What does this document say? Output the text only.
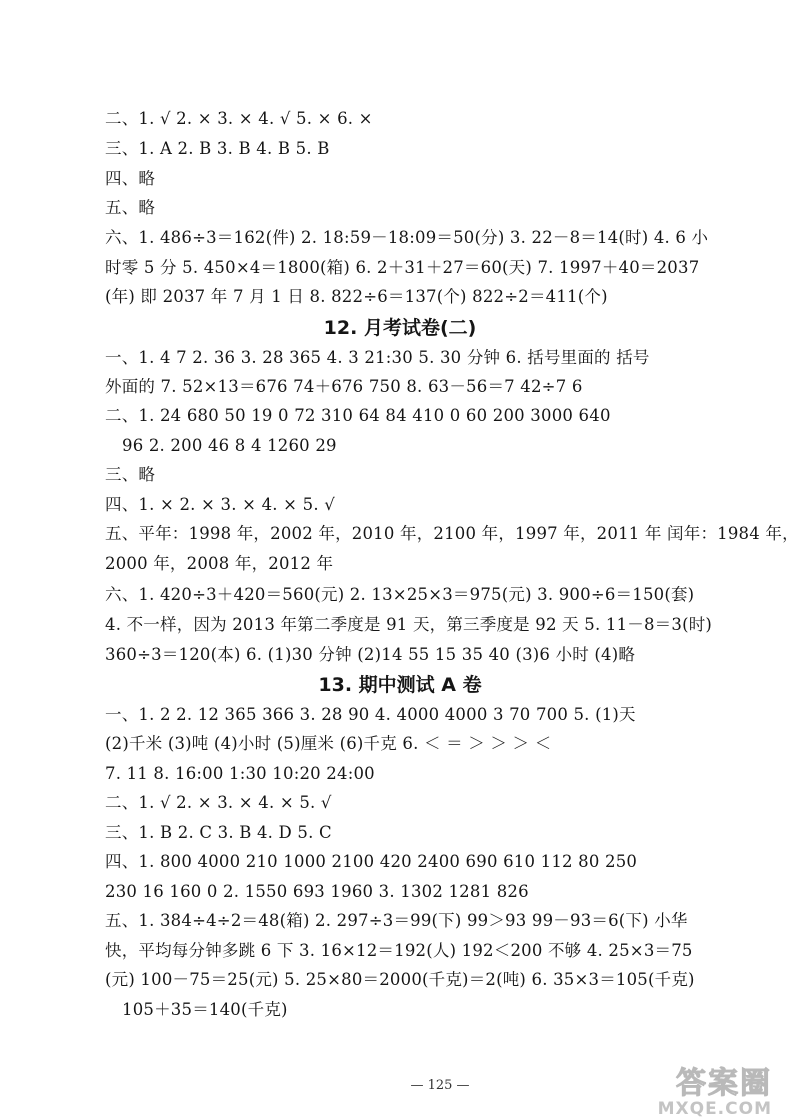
二、1. √ 2. × 3. × 4. √ 5. × 6. ×
三、1. A 2. B 3. B 4. B 5. B
四、略
五、略
六、1. 486÷3＝162(件) 2. 18:59－18:09＝50(分) 3. 22－8＝14(时) 4. 6 小
时零 5 分 5. 450×4＝1800(箱) 6. 2＋31＋27＝60(天) 7. 1997＋40＝2037
(年) 即 2037 年 7 月 1 日 8. 822÷6＝137(个) 822÷2＝411(个)
12. 月考试卷(二)
一、1. 4 7 2. 36 3. 28 365 4. 3 21:30 5. 30 分钟 6. 括号里面的 括号
外面的 7. 52×13＝676 74＋676 750 8. 63－56＝7 42÷7 6
二、1. 24 680 50 19 0 72 310 64 84 410 0 60 200 3000 640
96 2. 200 46 8 4 1260 29
三、略
四、1. × 2. × 3. × 4. × 5. √
五、平年：1998 年，2002 年，2010 年，2100 年，1997 年，2011 年 闰年：1984 年，
2000 年，2008 年，2012 年
六、1. 420÷3＋420＝560(元) 2. 13×25×3＝975(元) 3. 900÷6＝150(套)
4. 不一样，因为 2013 年第二季度是 91 天，第三季度是 92 天 5. 11－8＝3(时)
360÷3＝120(本) 6. (1)30 分钟 (2)14 55 15 35 40 (3)6 小时 (4)略
13. 期中测试 A 卷
一、1. 2 2. 12 365 366 3. 28 90 4. 4000 4000 3 70 700 5. (1)天
(2)千米 (3)吨 (4)小时 (5)厘米 (6)千克 6. ＜ ＝ ＞ ＞ ＞ ＜
7. 11 8. 16:00 1:30 10:20 24:00
二、1. √ 2. × 3. × 4. × 5. √
三、1. B 2. C 3. B 4. D 5. C
四、1. 800 4000 210 1000 2100 420 2400 690 610 112 80 250
230 16 160 0 2. 1550 693 1960 3. 1302 1281 826
五、1. 384÷4÷2＝48(箱) 2. 297÷3＝99(下) 99＞93 99－93＝6(下) 小华
快，平均每分钟多跳 6 下 3. 16×12＝192(人) 192＜200 不够 4. 25×3＝75
(元) 100－75＝25(元) 5. 25×80＝2000(千克)＝2(吨) 6. 35×3＝105(千克)
105＋35＝140(千克)
— 125 —	答案圈
MXQE.COM
